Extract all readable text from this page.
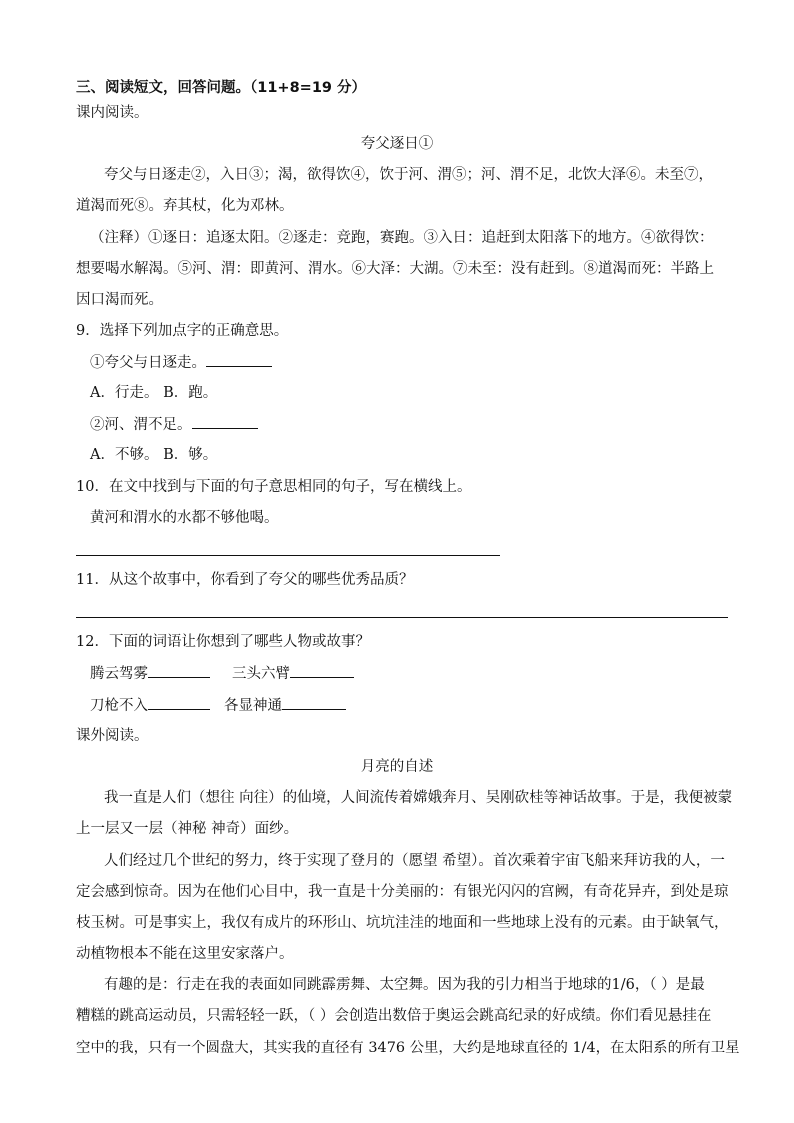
三、阅读短文，回答问题。（11+8=19 分）
课内阅读。
夸父逐日①
夸父与日逐走②，入日③；渴，欲得饮④，饮于河、渭⑤；河、渭不足，北饮大泽⑥。未至⑦，
道渴而死⑧。弃其杖，化为邓林。
（注释）①逐日：追逐太阳。②逐走：竞跑，赛跑。③入日：追赶到太阳落下的地方。④欲得饮：
想要喝水解渴。⑤河、渭：即黄河、渭水。⑥大泽：大湖。⑦未至：没有赶到。⑧道渴而死：半路上
因口渴而死。
9．选择下列加点字的正确意思。
①夸父与日逐走。
A．行走。 B．跑。
②河、渭不足。
A．不够。 B．够。
10．在文中找到与下面的句子意思相同的句子，写在横线上。
黄河和渭水的水都不够他喝。
11．从这个故事中，你看到了夸父的哪些优秀品质？
12．下面的词语让你想到了哪些人物或故事？
腾云驾雾	三头六臂
刀枪不入	各显神通
课外阅读。
月亮的自述
我一直是人们（想往 向往）的仙境，人间流传着嫦娥奔月、吴刚砍桂等神话故事。于是，我便被蒙
上一层又一层（神秘 神奇）面纱。
人们经过几个世纪的努力，终于实现了登月的（愿望 希望）。首次乘着宇宙飞船来拜访我的人，一
定会感到惊奇。因为在他们心目中，我一直是十分美丽的：有银光闪闪的宫阙，有奇花异卉，到处是琼
枝玉树。可是事实上，我仅有成片的环形山、坑坑洼洼的地面和一些地球上没有的元素。由于缺氧气，
动植物根本不能在这里安家落户。
有趣的是：行走在我的表面如同跳霹雳舞、太空舞。因为我的引力相当于地球的1/6，（ ）是最
糟糕的跳高运动员，只需轻轻一跃，（ ）会创造出数倍于奥运会跳高纪录的好成绩。你们看见悬挂在
空中的我，只有一个圆盘大，其实我的直径有 3476 公里，大约是地球直径的 1/4，在太阳系的所有卫星
